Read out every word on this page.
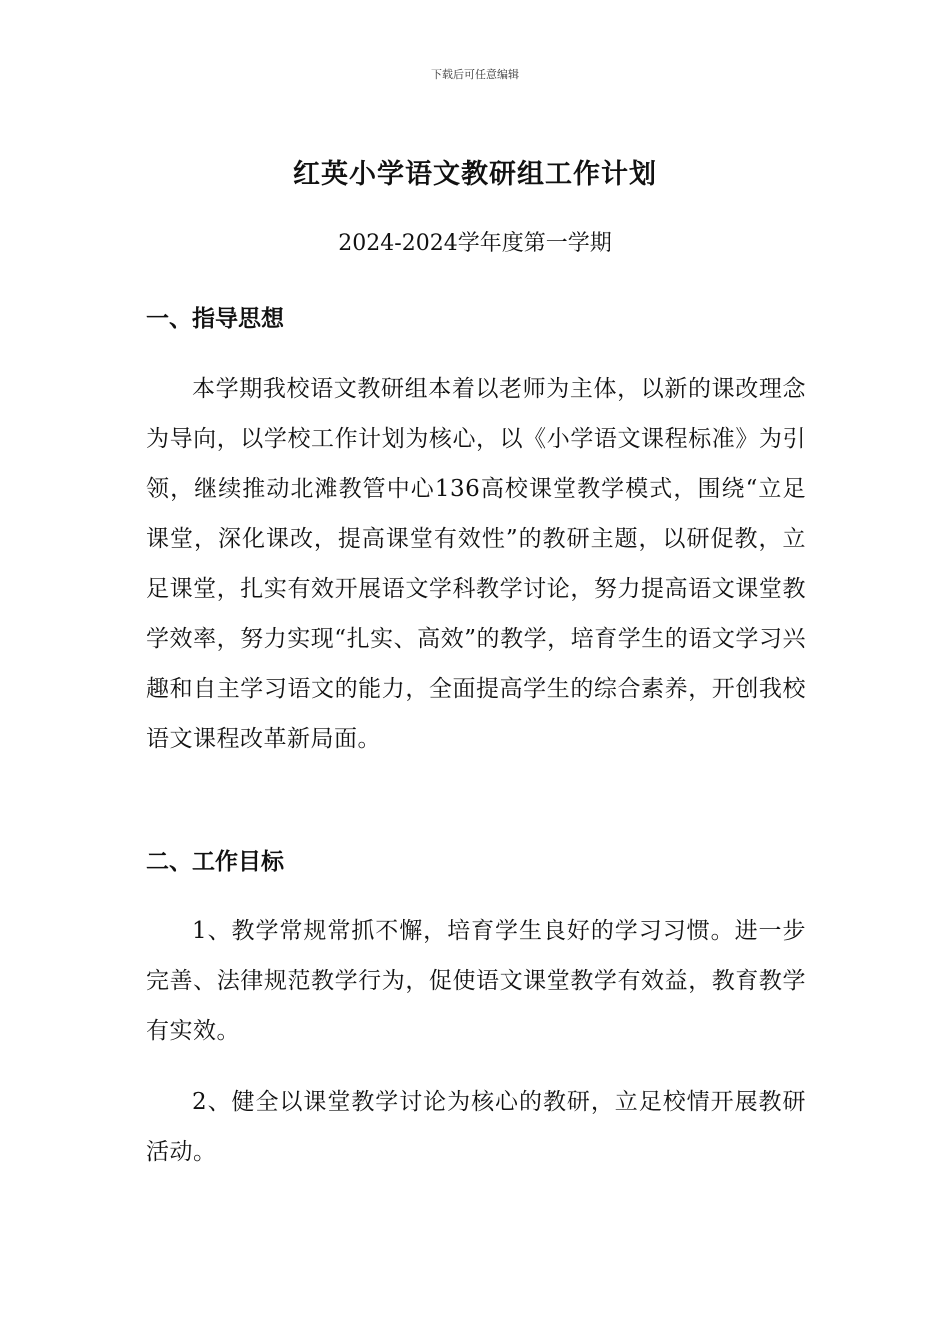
下载后可任意编辑
红英小学语文教研组工作计划
2024-2024学年度第一学期
一、指导思想
本学期我校语文教研组本着以老师为主体，以新的课改理念为导向，以学校工作计划为核心，以《小学语文课程标准》为引领，继续推动北滩教管中心136高校课堂教学模式，围绕“立足课堂，深化课改，提高课堂有效性”的教研主题，以研促教，立足课堂，扎实有效开展语文学科教学讨论，努力提高语文课堂教学效率，努力实现“扎实、高效”的教学，培育学生的语文学习兴趣和自主学习语文的能力，全面提高学生的综合素养，开创我校语文课程改革新局面。
二、工作目标
1、教学常规常抓不懈，培育学生良好的学习习惯。进一步完善、法律规范教学行为，促使语文课堂教学有效益，教育教学有实效。
2、健全以课堂教学讨论为核心的教研，立足校情开展教研活动。
